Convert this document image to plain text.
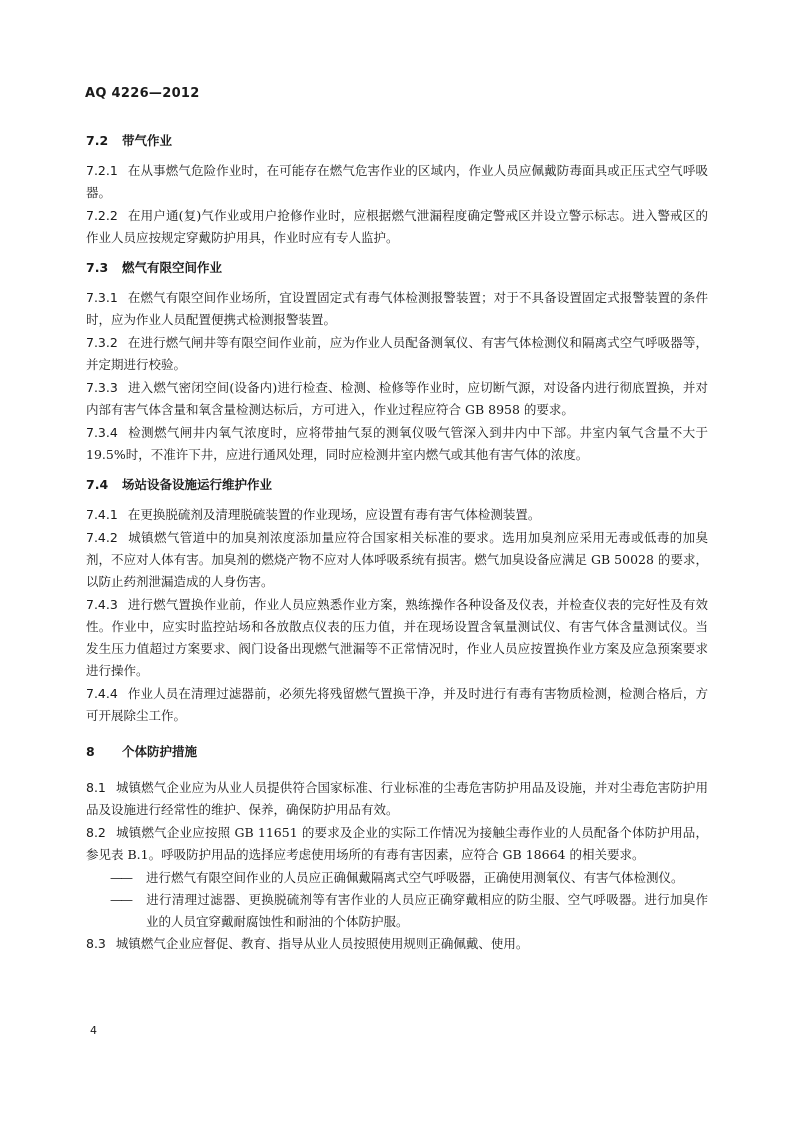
AQ 4226—2012
7.2 带气作业

7.2.1 在从事燃气危险作业时，在可能存在燃气危害作业的区域内，作业人员应佩戴防毒面具或正压式空气呼吸器。

7.2.2 在用户通(复)气作业或用户抢修作业时，应根据燃气泄漏程度确定警戒区并设立警示标志。进入警戒区的作业人员应按规定穿戴防护用具，作业时应有专人监护。

7.3 燃气有限空间作业

7.3.1 在燃气有限空间作业场所，宜设置固定式有毒气体检测报警装置；对于不具备设置固定式报警装置的条件时，应为作业人员配置便携式检测报警装置。

7.3.2 在进行燃气闸井等有限空间作业前，应为作业人员配备测氧仪、有害气体检测仪和隔离式空气呼吸器等，并定期进行校验。

7.3.3 进入燃气密闭空间(设备内)进行检查、检测、检修等作业时，应切断气源，对设备内进行彻底置换，并对内部有害气体含量和氧含量检测达标后，方可进入，作业过程应符合 GB 8958 的要求。

7.3.4 检测燃气闸井内氧气浓度时，应将带抽气泵的测氧仪吸气管深入到井内中下部。井室内氧气含量不大于 19.5%时，不准许下井，应进行通风处理，同时应检测井室内燃气或其他有害气体的浓度。

7.4 场站设备设施运行维护作业

7.4.1 在更换脱硫剂及清理脱硫装置的作业现场，应设置有毒有害气体检测装置。

7.4.2 城镇燃气管道中的加臭剂浓度添加量应符合国家相关标准的要求。选用加臭剂应采用无毒或低毒的加臭剂，不应对人体有害。加臭剂的燃烧产物不应对人体呼吸系统有损害。燃气加臭设备应满足 GB 50028 的要求，以防止药剂泄漏造成的人身伤害。

7.4.3 进行燃气置换作业前，作业人员应熟悉作业方案，熟练操作各种设备及仪表，并检查仪表的完好性及有效性。作业中，应实时监控站场和各放散点仪表的压力值，并在现场设置含氧量测试仪、有害气体含量测试仪。当发生压力值超过方案要求、阀门设备出现燃气泄漏等不正常情况时，作业人员应按置换作业方案及应急预案要求进行操作。

7.4.4 作业人员在清理过滤器前，必须先将残留燃气置换干净，并及时进行有毒有害物质检测，检测合格后，方可开展除尘工作。

8 个体防护措施

8.1 城镇燃气企业应为从业人员提供符合国家标准、行业标准的尘毒危害防护用品及设施，并对尘毒危害防护用品及设施进行经常性的维护、保养，确保防护用品有效。

8.2 城镇燃气企业应按照 GB 11651 的要求及企业的实际工作情况为接触尘毒作业的人员配备个体防护用品，参见表 B.1。呼吸防护用品的选择应考虑使用场所的有毒有害因素，应符合 GB 18664 的相关要求。

—— 进行燃气有限空间作业的人员应正确佩戴隔离式空气呼吸器，正确使用测氧仪、有害气体检测仪。
—— 进行清理过滤器、更换脱硫剂等有害作业的人员应正确穿戴相应的防尘服、空气呼吸器。进行加臭作业的人员宜穿戴耐腐蚀性和耐油的个体防护服。

8.3 城镇燃气企业应督促、教育、指导从业人员按照使用规则正确佩戴、使用。

4
